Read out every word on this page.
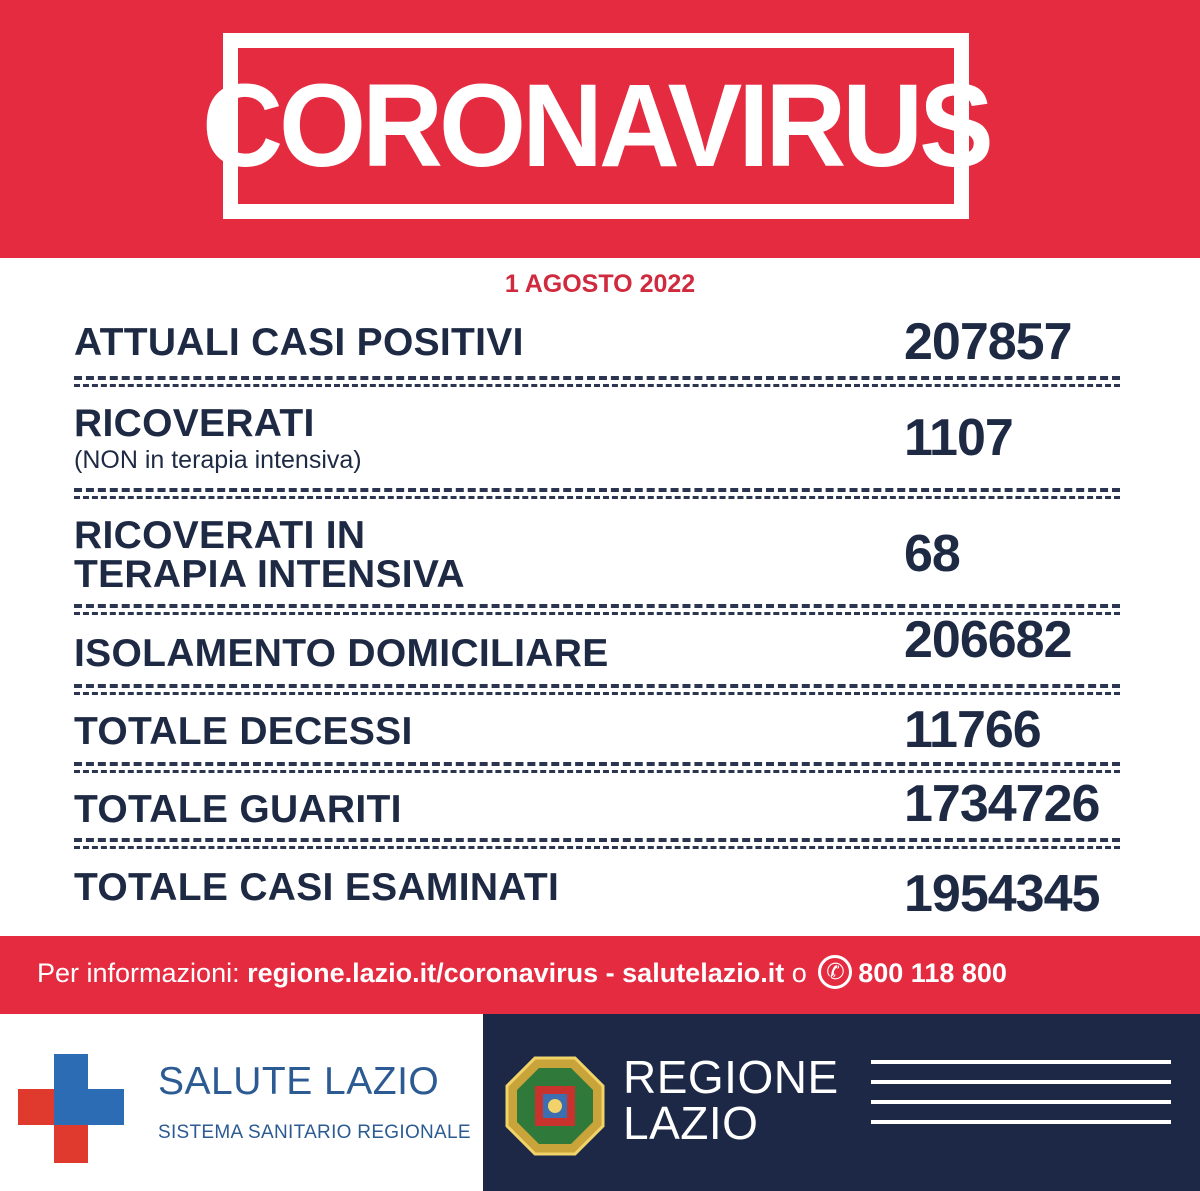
CORONAVIRUS
1 AGOSTO 2022
ATTUALI CASI POSITIVI	207857
RICOVERATI
(NON in terapia intensiva)	1107
RICOVERATI IN
TERAPIA INTENSIVA	68
ISOLAMENTO DOMICILIARE	206682
TOTALE DECESSI	11766
TOTALE GUARITI	1734726
TOTALE CASI ESAMINATI	1954345
Per informazioni: regione.lazio.it/coronavirus - salutelazio.it o ✆ 800 118 800
SALUTE LAZIO
SISTEMA SANITARIO REGIONALE
REGIONE
LAZIO
